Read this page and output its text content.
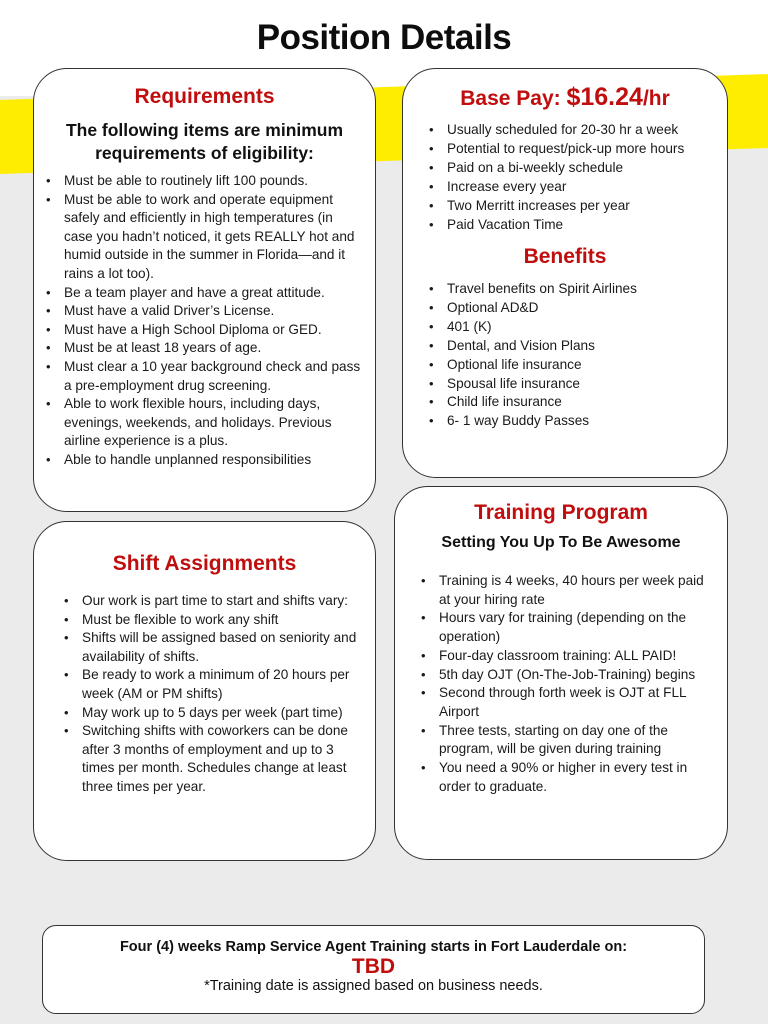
Position Details
Requirements
The following items are minimum requirements of eligibility:
• Must be able to routinely lift 100 pounds.
• Must be able to work and operate equipment safely and efficiently in high temperatures (in case you hadn’t noticed, it gets REALLY hot and humid outside in the summer in Florida—and it rains a lot too).
• Be a team player and have a great attitude.
• Must have a valid Driver’s License.
• Must have a High School Diploma or GED.
• Must be at least 18 years of age.
• Must clear a 10 year background check and pass a pre-employment drug screening.
• Able to work flexible hours, including days, evenings, weekends, and holidays. Previous airline experience is a plus.
• Able to handle unplanned responsibilities
Base Pay: $16.24/hr
• Usually scheduled for 20-30 hr a week
• Potential to request/pick-up more hours
• Paid on a bi-weekly schedule
• Increase every year
• Two Merritt increases per year
• Paid Vacation Time
Benefits
• Travel benefits on Spirit Airlines
• Optional AD&D
• 401 (K)
• Dental, and Vision Plans
• Optional life insurance
• Spousal life insurance
• Child life insurance
• 6- 1 way Buddy Passes
Shift Assignments
• Our work is part time to start and shifts vary:
• Must be flexible to work any shift
• Shifts will be assigned based on seniority and availability of shifts.
• Be ready to work a minimum of 20 hours per week (AM or PM shifts)
• May work up to 5 days per week (part time)
• Switching shifts with coworkers can be done after 3 months of employment and up to 3 times per month. Schedules change at least three times per year.
Training Program
Setting You Up To Be Awesome
• Training is 4 weeks, 40 hours per week paid at your hiring rate
• Hours vary for training (depending on the operation)
• Four-day classroom training: ALL PAID!
• 5th day OJT (On-The-Job-Training) begins
• Second through forth week is OJT at FLL Airport
• Three tests, starting on day one of the program, will be given during training
• You need a 90% or higher in every test in order to graduate.

Four (4) weeks Ramp Service Agent Training starts in Fort Lauderdale on:

TBD

*Training date is assigned based on business needs.
